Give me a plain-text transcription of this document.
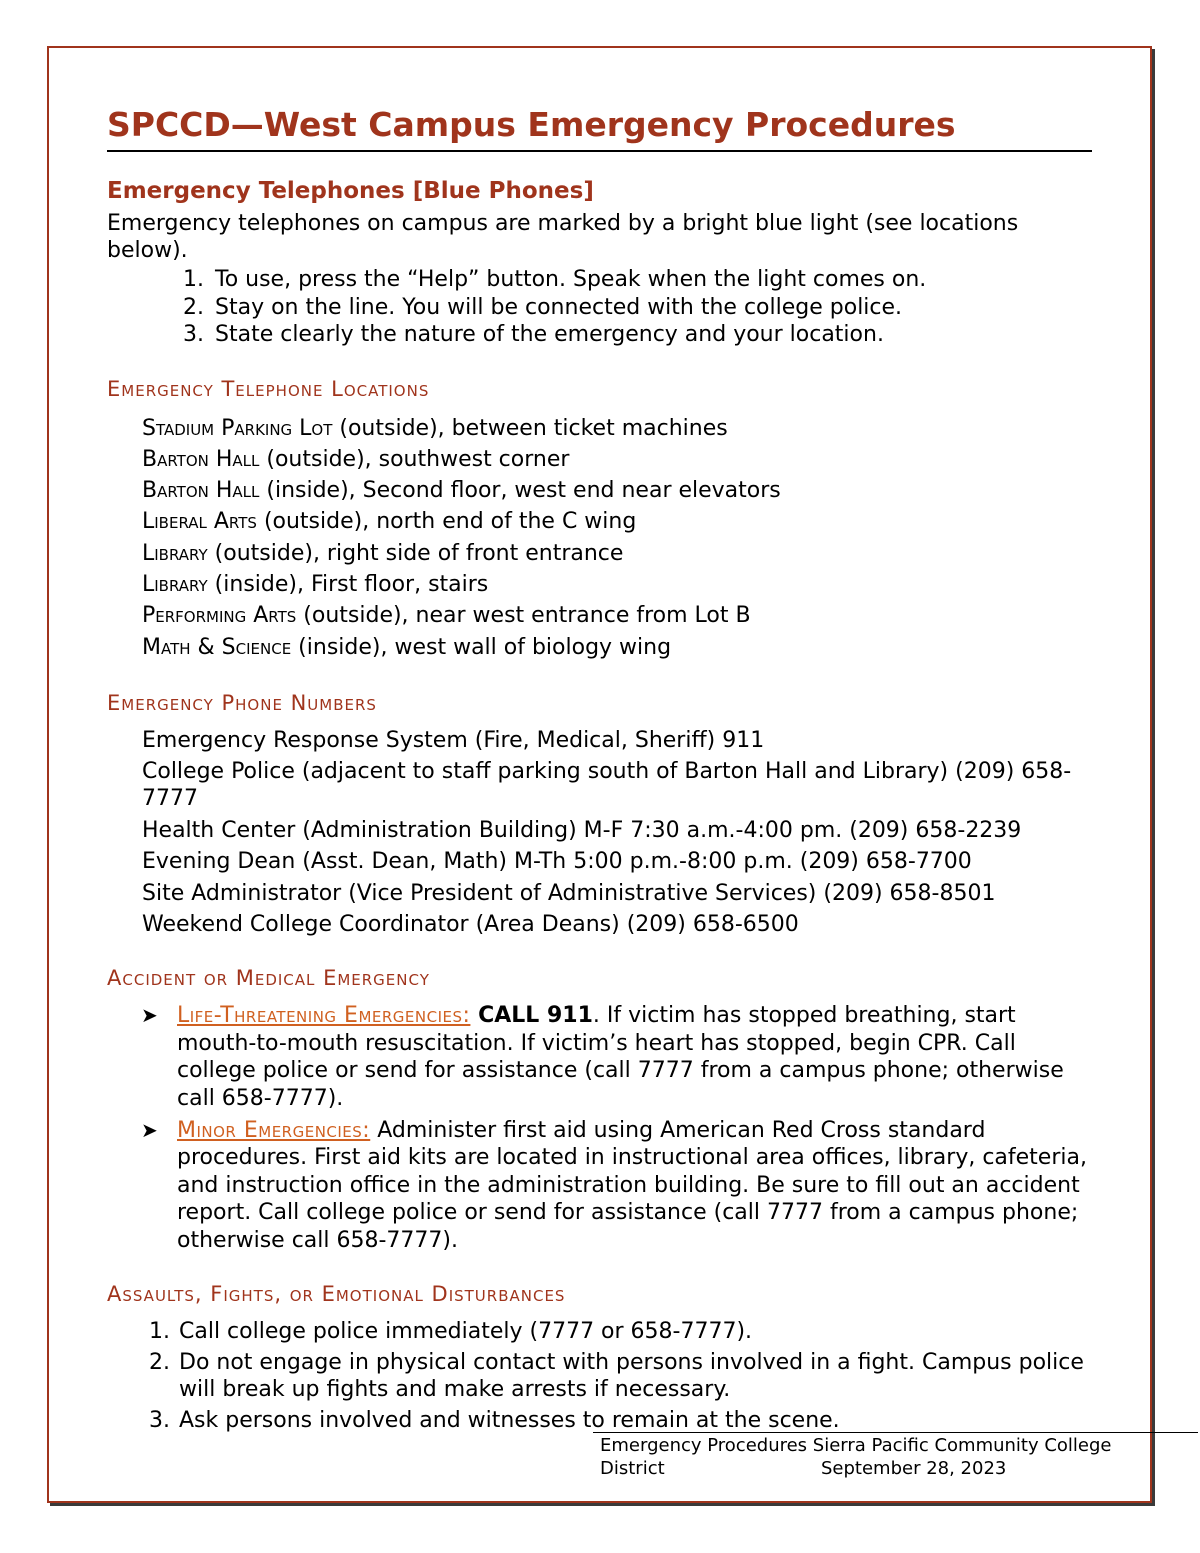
SPCCD—West Campus Emergency Procedures
Emergency Telephones [Blue Phones]

Emergency telephones on campus are marked by a bright blue light (see locations below).

1. To use, press the “Help” button. Speak when the light comes on.
2. Stay on the line. You will be connected with the college police.
3. State clearly the nature of the emergency and your location.
Emergency Telephone Locations
Stadium Parking Lot (outside), between ticket machines
Barton Hall (outside), southwest corner
Barton Hall (inside), Second floor, west end near elevators
Liberal Arts (outside), north end of the C wing
Library (outside), right side of front entrance
Library (inside), First floor, stairs
Performing Arts (outside), near west entrance from Lot B
Math & Science (inside), west wall of biology wing
Emergency Phone Numbers
Emergency Response System (Fire, Medical, Sheriff) 911
College Police (adjacent to staff parking south of Barton Hall and Library) (209) 658-7777
Health Center (Administration Building) M-F 7:30 a.m.-4:00 pm. (209) 658-2239
Evening Dean (Asst. Dean, Math) M-Th 5:00 p.m.-8:00 p.m. (209) 658-7700
Site Administrator (Vice President of Administrative Services) (209) 658-8501
Weekend College Coordinator (Area Deans) (209) 658-6500
Accident or Medical Emergency
➤ Life-Threatening Emergencies: CALL 911. If victim has stopped breathing, start mouth-to-mouth resuscitation. If victim’s heart has stopped, begin CPR. Call college police or send for assistance (call 7777 from a campus phone; otherwise call 658-7777).
➤ Minor Emergencies: Administer first aid using American Red Cross standard procedures. First aid kits are located in instructional area offices, library, cafeteria, and instruction office in the administration building. Be sure to fill out an accident report. Call college police or send for assistance (call 7777 from a campus phone; otherwise call 658-7777).
Assaults, Fights, or Emotional Disturbances
1. Call college police immediately (7777 or 658-7777).
2. Do not engage in physical contact with persons involved in a fight. Campus police will break up fights and make arrests if necessary.
3. Ask persons involved and witnesses to remain at the scene.
Emergency Procedures Sierra Pacific Community College
District	September 28, 2023
